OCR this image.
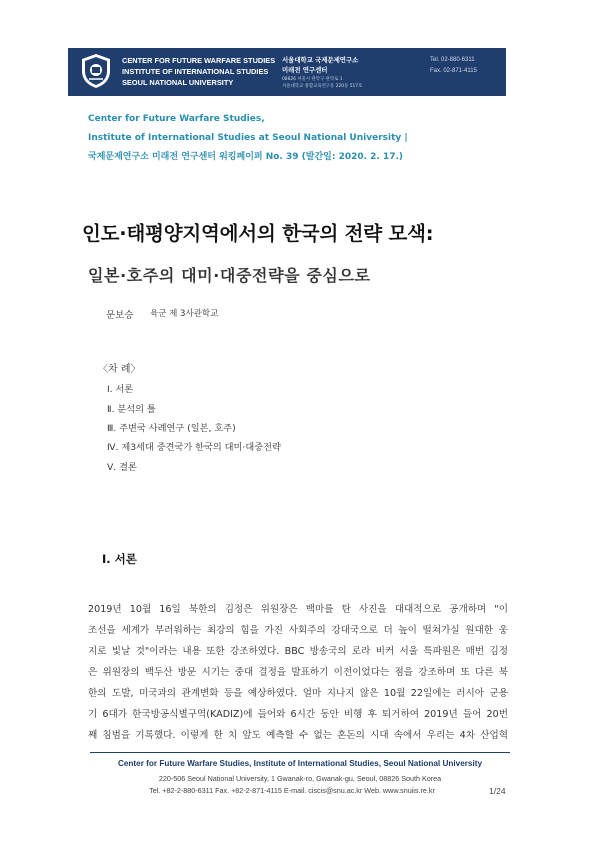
CENTER FOR FUTURE WARFARE STUDIES
INSTITUTE OF INTERNATIONAL STUDIES
SEOUL NATIONAL UNIVERSITY
서울대학교 국제문제연구소
미래전 연구센터
08826 서울시 관악구 관악로 1
서울대학교 종합교육연구동 220동 517호
Tel. 02-880-6311
Fax. 02-871-4115
Center for Future Warfare Studies,
Institute of International Studies at Seoul National University |
국제문제연구소 미래전 연구센터 워킹페이퍼 No. 39 (발간일: 2020. 2. 17.)
인도·태평양지역에서의 한국의 전략 모색:
일본·호주의 대미·대중전략을 중심으로
문보승 육군 제 3사관학교
〈차 례〉
Ⅰ. 서론
Ⅱ. 분석의 틀
Ⅲ. 주변국 사례연구 (일본, 호주)
Ⅳ. 제3세대 중견국가 한국의 대미·대중전략
Ⅴ. 결론
Ⅰ. 서론
2019년 10월 16일 북한의 김정은 위원장은 백마를 탄 사진을 대대적으로 공개하며 "이
조선을 세계가 부러워하는 최강의 힘을 가진 사회주의 강대국으로 더 높이 떨쳐가실 원대한 웅
지로 빛날 것"이라는 내용 또한 강조하였다. BBC 방송국의 로라 비커 서울 특파원은 매번 김정
은 위원장의 백두산 방문 시기는 중대 결정을 발표하기 이전이었다는 점을 강조하며 또 다른 북
한의 도발, 미국과의 관계변화 등을 예상하였다. 얼마 지나지 않은 10월 22일에는 러시아 군용
기 6대가 한국방공식별구역(KADIZ)에 들어와 6시간 동안 비행 후 퇴거하여 2019년 들어 20번
째 침범을 기록했다. 이렇게 한 치 앞도 예측할 수 없는 혼돈의 시대 속에서 우리는 4차 산업혁
Center for Future Warfare Studies, Institute of International Studies, Seoul National University
220-506 Seoul National University, 1 Gwanak-ro, Gwanak-gu, Seoul, 08826 South Korea
Tel. +82-2-880-6311 Fax. +82-2-871-4115 E-mail. ciscis@snu.ac.kr Web. www.snuiis.re.kr	1/24
